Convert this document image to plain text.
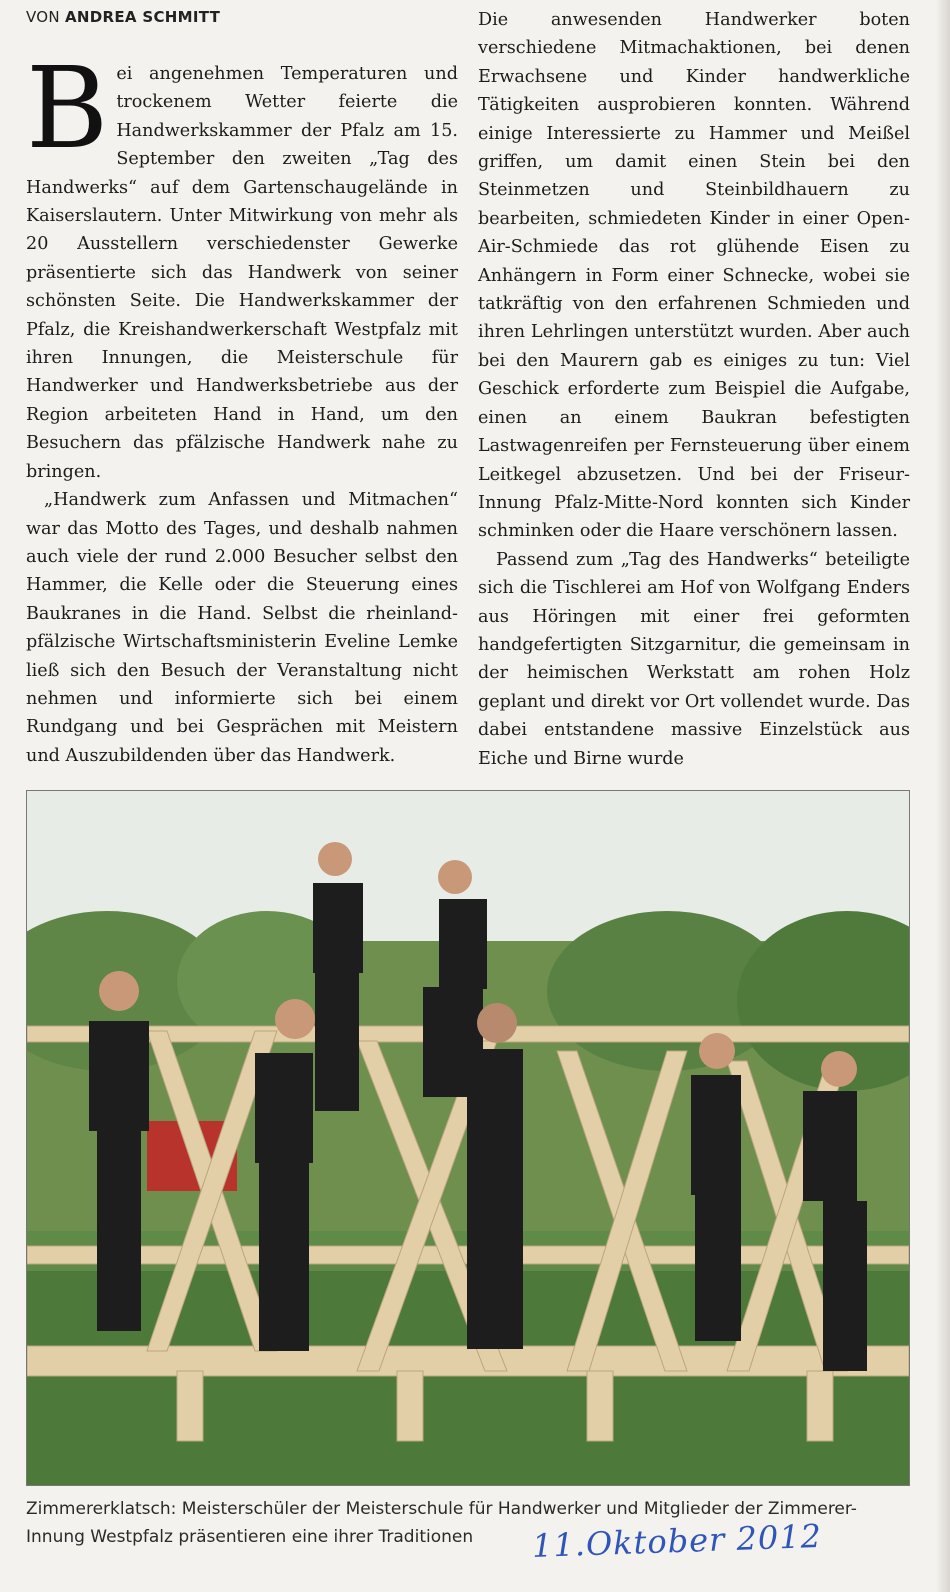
VON ANDREA SCHMITT

Bei angenehmen Temperaturen und trockenem Wetter feierte die Handwerkskammer der Pfalz am 15. September den zweiten „Tag des Handwerks“ auf dem Gartenschaugelände in Kaiserslautern. Unter Mitwirkung von mehr als 20 Ausstellern verschiedenster Gewerke präsentierte sich das Handwerk von seiner schönsten Seite. Die Handwerkskammer der Pfalz, die Kreishandwerkerschaft Westpfalz mit ihren Innungen, die Meisterschule für Handwerker und Handwerksbetriebe aus der Region arbeiteten Hand in Hand, um den Besuchern das pfälzische Handwerk nahe zu bringen.

„Handwerk zum Anfassen und Mitmachen“ war das Motto des Tages, und deshalb nahmen auch viele der rund 2.000 Besucher selbst den Hammer, die Kelle oder die Steuerung eines Baukranes in die Hand. Selbst die rheinland-pfälzische Wirtschaftsministerin Eveline Lemke ließ sich den Besuch der Veranstaltung nicht nehmen und informierte sich bei einem Rundgang und bei Gesprächen mit Meistern und Auszubildenden über das Handwerk.

Die anwesenden Handwerker boten verschiedene Mitmachaktionen, bei denen Erwachsene und Kinder handwerkliche Tätigkeiten ausprobieren konnten. Während einige Interessierte zu Hammer und Meißel griffen, um damit einen Stein bei den Steinmetzen und Steinbildhauern zu bearbeiten, schmiedeten Kinder in einer Open-Air-Schmiede das rot glühende Eisen zu Anhängern in Form einer Schnecke, wobei sie tatkräftig von den erfahrenen Schmieden und ihren Lehrlingen unterstützt wurden. Aber auch bei den Maurern gab es einiges zu tun: Viel Geschick erforderte zum Beispiel die Aufgabe, einen an einem Baukran befestigten Lastwagenreifen per Fernsteuerung über einem Leitkegel abzusetzen. Und bei der Friseur-Innung Pfalz-Mitte-Nord konnten sich Kinder schminken oder die Haare verschönern lassen.

Passend zum „Tag des Handwerks“ beteiligte sich die Tischlerei am Hof von Wolfgang Enders aus Höringen mit einer frei geformten handgefertigten Sitzgarnitur, die gemeinsam in der heimischen Werkstatt am rohen Holz geplant und direkt vor Ort vollendet wurde. Das dabei entstandene massive Einzelstück aus Eiche und Birne wurde

Zimmererklatsch: Meisterschüler der Meisterschule für Handwerker und Mitglieder der Zimmerer-
Innung Westpfalz präsentieren eine ihrer Traditionen	11.Oktober 2012
